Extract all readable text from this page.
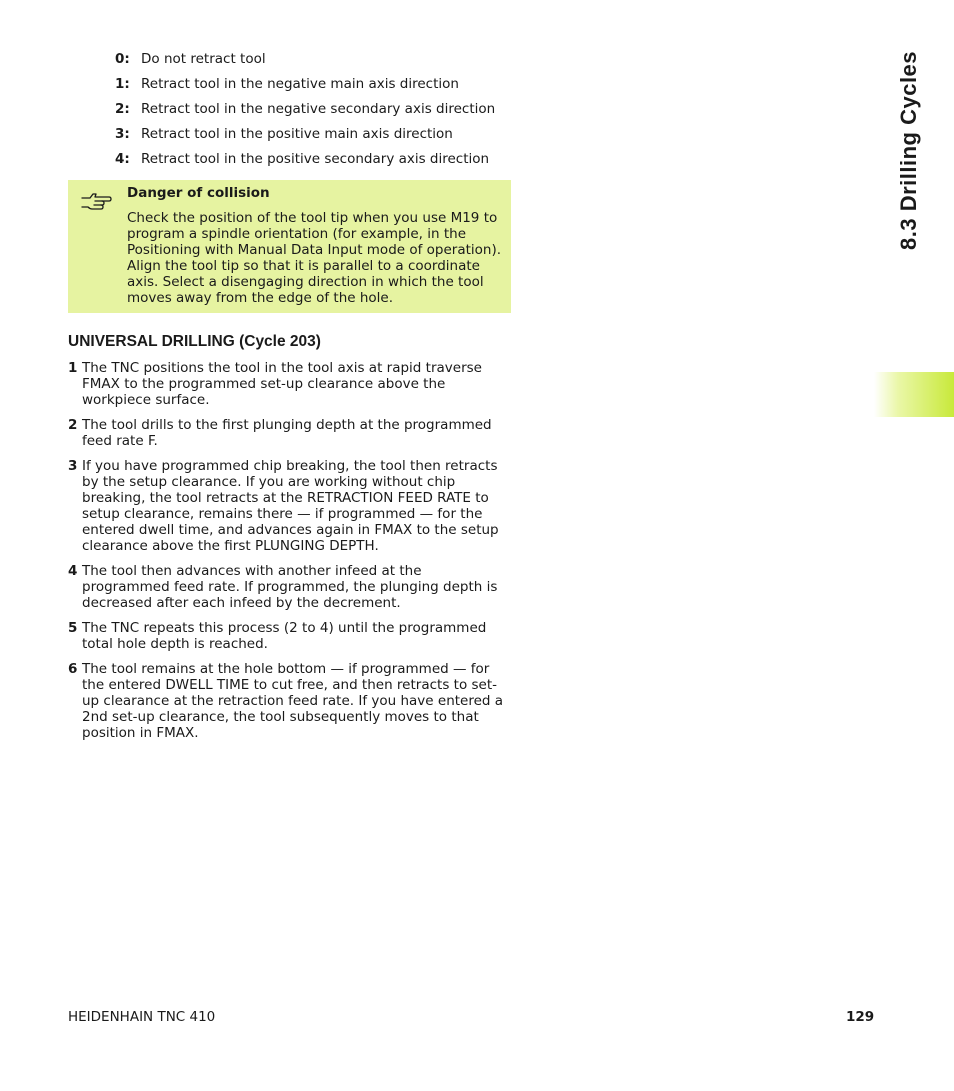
0: Do not retract tool
1: Retract tool in the negative main axis direction
2: Retract tool in the negative secondary axis direction
3: Retract tool in the positive main axis direction
4: Retract tool in the positive secondary axis direction
Danger of collision
Check the position of the tool tip when you use M19 to program a spindle orientation (for example, in the Positioning with Manual Data Input mode of operation). Align the tool tip so that it is parallel to a coordinate axis. Select a disengaging direction in which the tool moves away from the edge of the hole.
UNIVERSAL DRILLING (Cycle 203)
1 The TNC positions the tool in the tool axis at rapid traverse FMAX to the programmed set-up clearance above the workpiece surface.
2 The tool drills to the first plunging depth at the programmed feed rate F.
3 If you have programmed chip breaking, the tool then retracts by the setup clearance. If you are working without chip breaking, the tool retracts at the RETRACTION FEED RATE to setup clearance, remains there — if programmed — for the entered dwell time, and advances again in FMAX to the setup clearance above the first PLUNGING DEPTH.
4 The tool then advances with another infeed at the programmed feed rate. If programmed, the plunging depth is decreased after each infeed by the decrement.
5 The TNC repeats this process (2 to 4) until the programmed total hole depth is reached.
6 The tool remains at the hole bottom — if programmed — for the entered DWELL TIME to cut free, and then retracts to set-up clearance at the retraction feed rate. If you have entered a 2nd set-up clearance, the tool subsequently moves to that position in FMAX.
8.3 Drilling Cycles
HEIDENHAIN TNC 410	129
